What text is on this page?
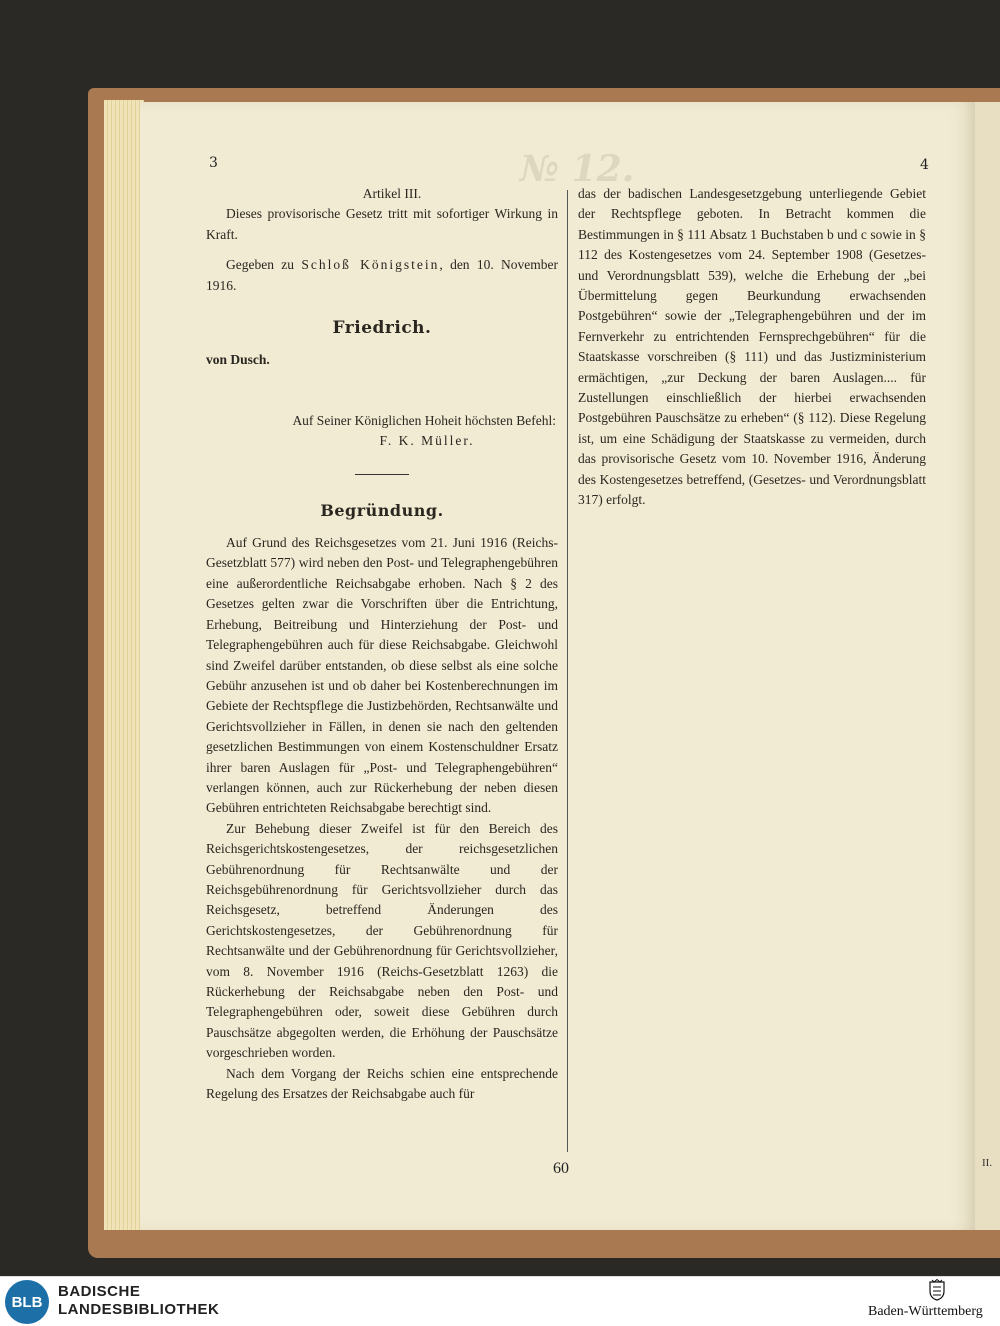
№ 12.
3	4

Artikel III.

Dieses provisorische Gesetz tritt mit sofortiger Wirkung in Kraft.

Gegeben zu Schloß Königstein, den 10. November 1916.

Friedrich.

von Dusch.

Auf Seiner Königlichen Hoheit höchsten Befehl:

F. K. Müller.

Begründung.

Auf Grund des Reichsgesetzes vom 21. Juni 1916 (Reichs-Gesetzblatt 577) wird neben den Post- und Telegraphengebühren eine außerordentliche Reichsabgabe erhoben. Nach § 2 des Gesetzes gelten zwar die Vorschriften über die Entrichtung, Erhebung, Beitreibung und Hinterziehung der Post- und Telegraphengebühren auch für diese Reichsabgabe. Gleichwohl sind Zweifel darüber entstanden, ob diese selbst als eine solche Gebühr anzusehen ist und ob daher bei Kostenberechnungen im Gebiete der Rechtspflege die Justizbehörden, Rechtsanwälte und Gerichtsvollzieher in Fällen, in denen sie nach den geltenden gesetzlichen Bestimmungen von einem Kostenschuldner Ersatz ihrer baren Auslagen für „Post- und Telegraphengebühren“ verlangen können, auch zur Rückerhebung der neben diesen Gebühren entrichteten Reichsabgabe berechtigt sind.

Zur Behebung dieser Zweifel ist für den Bereich des Reichsgerichtskostengesetzes, der reichsgesetzlichen Gebührenordnung für Rechtsanwälte und der Reichsgebührenordnung für Gerichtsvollzieher durch das Reichsgesetz, betreffend Änderungen des Gerichtskostengesetzes, der Gebührenordnung für Rechtsanwälte und der Gebührenordnung für Gerichtsvollzieher, vom 8. November 1916 (Reichs-Gesetzblatt 1263) die Rückerhebung der Reichsabgabe neben den Post- und Telegraphengebühren oder, soweit diese Gebühren durch Pauschsätze abgegolten werden, die Erhöhung der Pauschsätze vorgeschrieben worden.

Nach dem Vorgang der Reichs schien eine entsprechende Regelung des Ersatzes der Reichsabgabe auch für

das der badischen Landesgesetzgebung unterliegende Gebiet der Rechtspflege geboten. In Betracht kommen die Bestimmungen in § 111 Absatz 1 Buchstaben b und c sowie in § 112 des Kostengesetzes vom 24. September 1908 (Gesetzes- und Verordnungsblatt 539), welche die Erhebung der „bei Übermittelung gegen Beurkundung erwachsenden Postgebühren“ sowie der „Telegraphengebühren und der im Fernverkehr zu entrichtenden Fernsprechgebühren“ für die Staatskasse vorschreiben (§ 111) und das Justizministerium ermächtigen, „zur Deckung der baren Auslagen.... für Zustellungen einschließlich der hierbei erwachsenden Postgebühren Pauschsätze zu erheben“ (§ 112). Diese Regelung ist, um eine Schädigung der Staatskasse zu vermeiden, durch das provisorische Gesetz vom 10. November 1916, Änderung des Kostengesetzes betreffend, (Gesetzes- und Verordnungsblatt 317) erfolgt.

60	II.
BLB
BADISCHE
LANDESBIBLIOTHEK	Baden-Württemberg
